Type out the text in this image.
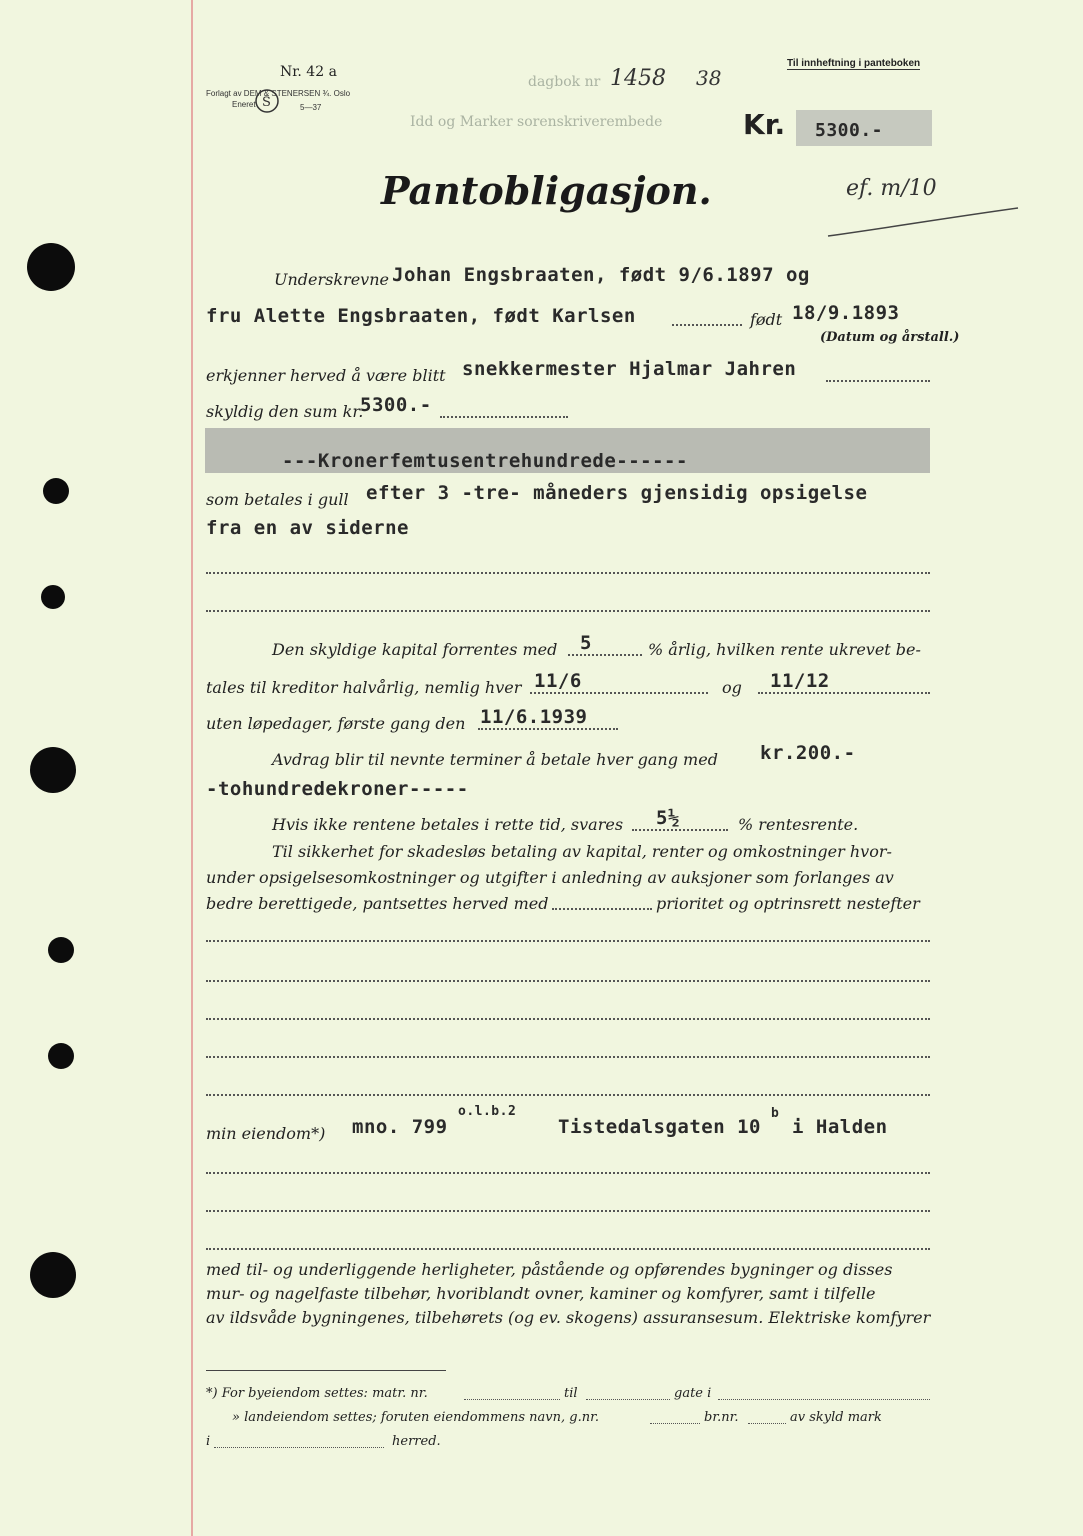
Nr. 42 a
Forlagt av DEM & STENERSEN ¾. Oslo
Eneret	5—37
S
Til innheftning i panteboken
dagbok nr 1458 38
Idd og Marker sorenskriverembede	Kr. 5300.-
Pantobligasjon.	ef. m/10
Underskrevne Johan Engsbraaten, født 9/6.1897 og
fru Alette Engsbraaten, født Karlsen	født 18/9.1893
(Datum og årstall.)
erkjenner herved å være blitt snekkermester Hjalmar Jahren
skyldig den sum kr.
5300.-
---Kronerfemtusentrehundrede------
som betales i gull efter 3 -tre- måneders gjensidig opsigelse
fra en av siderne
Den skyldige kapital forrentes med 5	% årlig, hvilken rente ukrevet be-
tales til kreditor halvårlig, nemlig hver 11/6	og 11/12
uten løpedager, første gang den 11/6.1939
Avdrag blir til nevnte terminer å betale hver gang med kr.200.-
-tohundredekroner-----
Hvis ikke rentene betales i rette tid, svares 5½	% rentesrente.
Til sikkerhet for skadesløs betaling av kapital, renter og omkostninger hvor-
under opsigelsesomkostninger og utgifter i anledning av auksjoner som forlanges av
bedre berettigede, pantsettes herved med	prioritet og optrinsrett nestefter
min eiendom*) mno. 799
o.l.b.2
Tistedalsgaten 10
b
i Halden
med til- og underliggende herligheter, påstående og opførendes bygninger og disses
mur- og nagelfaste tilbehør, hvoriblandt ovner, kaminer og komfyrer, samt i tilfelle
av ildsvåde bygningenes, tilbehørets (og ev. skogens) assuransesum. Elektriske komfyrer
*) For byeiendom settes: matr. nr.	til	gate i
» landeiendom settes; foruten eiendommens navn, g.nr.	br.nr.	av skyld mark
i	herred.
